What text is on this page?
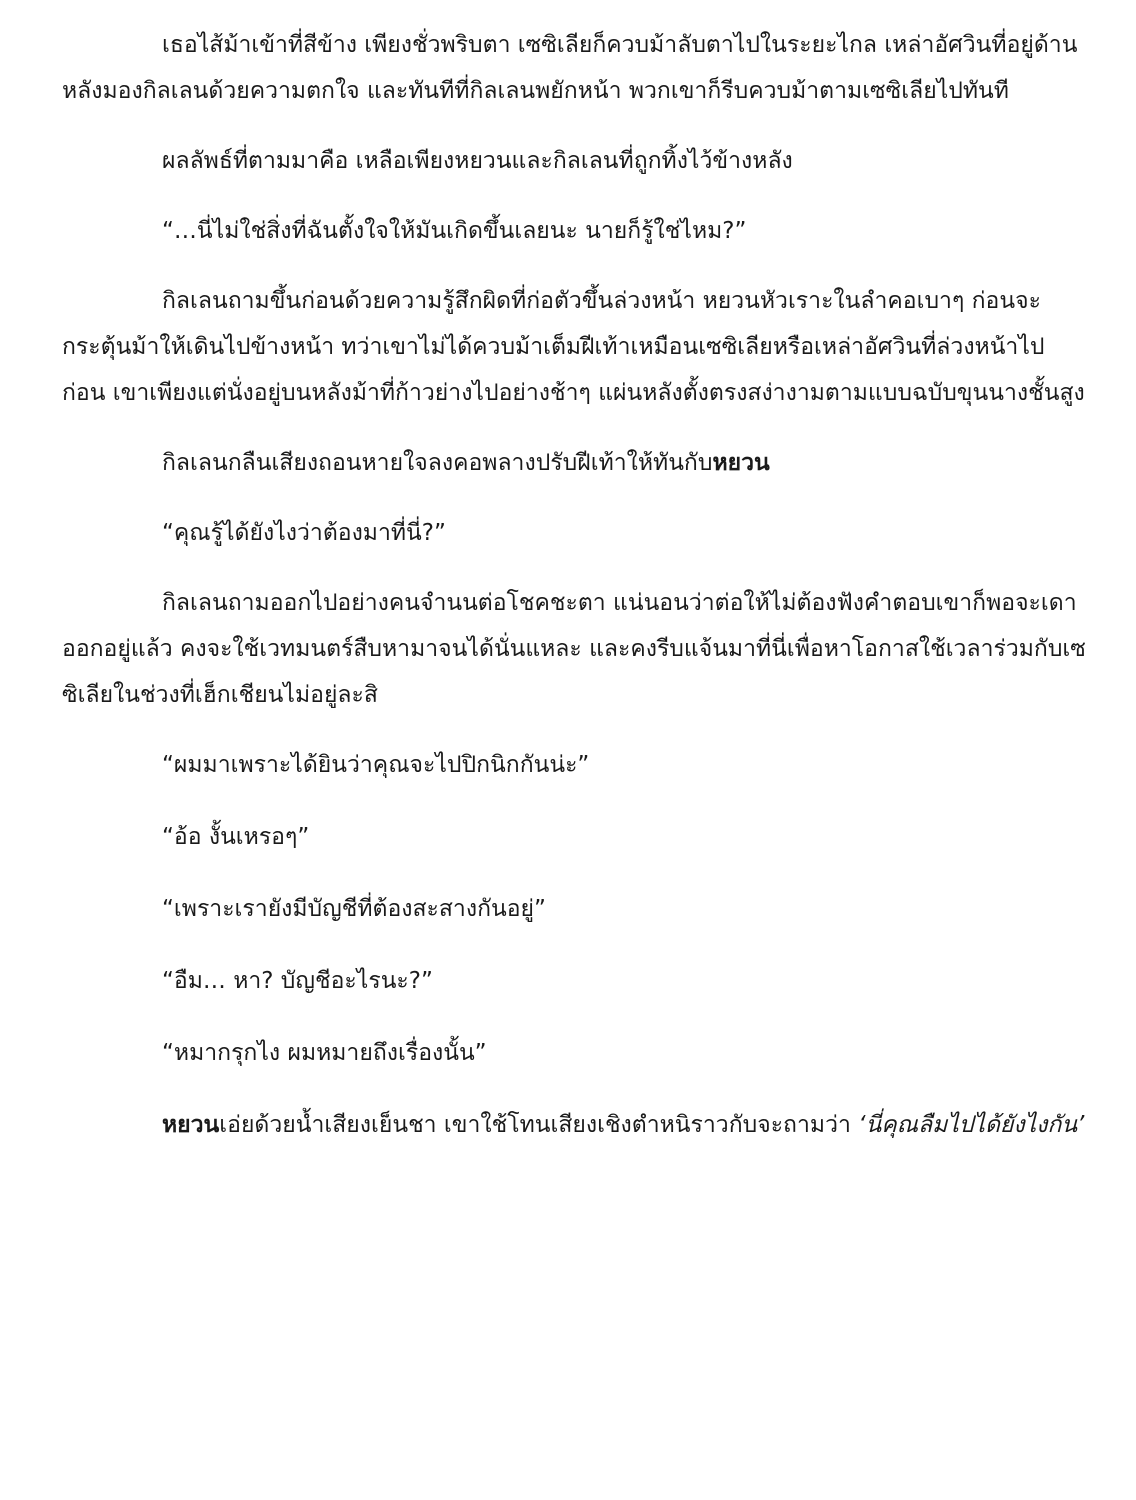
เธอไส้ม้าเข้าที่สีข้าง เพียงชั่วพริบตา เซซิเลียก็ควบม้าลับตาไปในระยะไกล เหล่าอัศวินที่อยู่ด้านหลังมองกิลเลนด้วยความตกใจ และทันทีที่กิลเลนพยักหน้า พวกเขาก็รีบควบม้าตามเซซิเลียไปทันที

ผลลัพธ์ที่ตามมาคือ เหลือเพียงหยวนและกิลเลนที่ถูกทิ้งไว้ข้างหลัง

“…นี่ไม่ใช่สิ่งที่ฉันตั้งใจให้มันเกิดขึ้นเลยนะ นายก็รู้ใช่ไหม?”

กิลเลนถามขึ้นก่อนด้วยความรู้สึกผิดที่ก่อตัวขึ้นล่วงหน้า หยวนหัวเราะในลำคอเบาๆ ก่อนจะกระตุ้นม้าให้เดินไปข้างหน้า ทว่าเขาไม่ได้ควบม้าเต็มฝีเท้าเหมือนเซซิเลียหรือเหล่าอัศวินที่ล่วงหน้าไปก่อน เขาเพียงแต่นั่งอยู่บนหลังม้าที่ก้าวย่างไปอย่างช้าๆ แผ่นหลังตั้งตรงสง่างามตามแบบฉบับขุนนางชั้นสูง

กิลเลนกลืนเสียงถอนหายใจลงคอพลางปรับฝีเท้าให้ทันกับหยวน

“คุณรู้ได้ยังไงว่าต้องมาที่นี่?”

กิลเลนถามออกไปอย่างคนจำนนต่อโชคชะตา แน่นอนว่าต่อให้ไม่ต้องฟังคำตอบเขาก็พอจะเดาออกอยู่แล้ว คงจะใช้เวทมนตร์สืบหามาจนได้นั่นแหละ และคงรีบแจ้นมาที่นี่เพื่อหาโอกาสใช้เวลาร่วมกับเซซิเลียในช่วงที่เฮ็กเชียนไม่อยู่ละสิ

“ผมมาเพราะได้ยินว่าคุณจะไปปิกนิกกันน่ะ”

“อ้อ งั้นเหรอๆ”

“เพราะเรายังมีบัญชีที่ต้องสะสางกันอยู่”

“อืม… หา? บัญชีอะไรนะ?”

“หมากรุกไง ผมหมายถึงเรื่องนั้น”

หยวนเอ่ยด้วยน้ำเสียงเย็นชา เขาใช้โทนเสียงเชิงตำหนิราวกับจะถามว่า ‘นี่คุณลืมไปได้ยังไงกัน’
